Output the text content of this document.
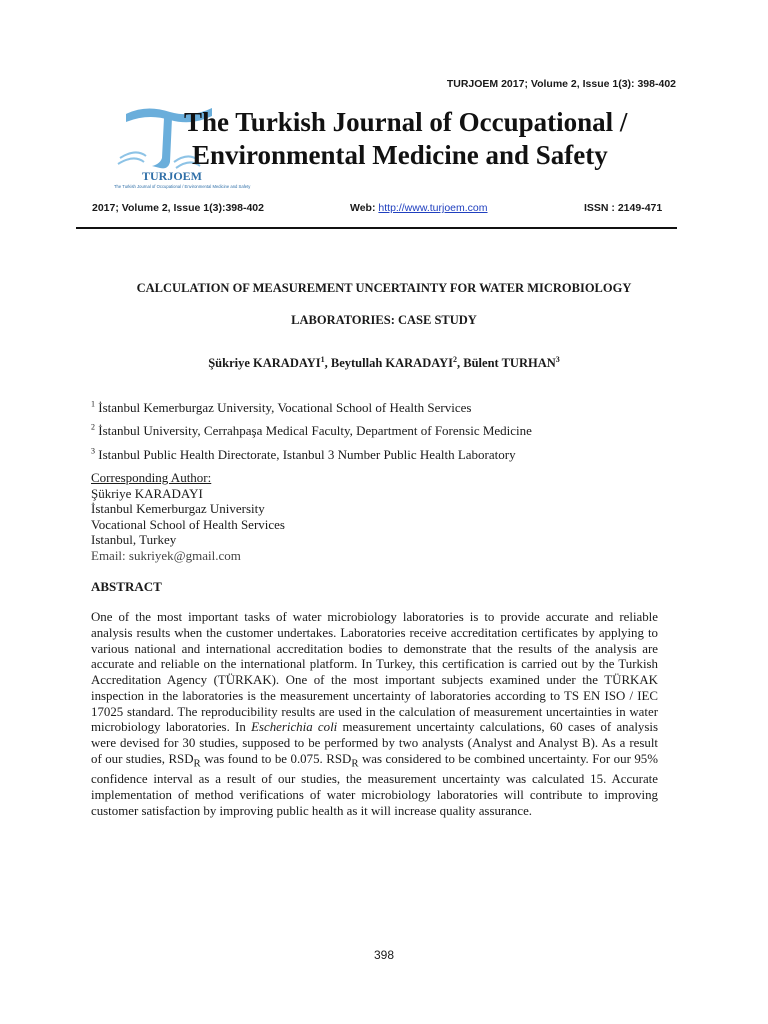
TURJOEM 2017; Volume 2, Issue 1(3): 398-402
TURJOEM
The Turkish Journal of Occupational / Environmental Medicine and Safety
The Turkish Journal of Occupational /
Environmental Medicine and Safety
2017; Volume 2, Issue 1(3):398-402	Web: http://www.turjoem.com	ISSN : 2149-471
CALCULATION OF MEASUREMENT UNCERTAINTY FOR WATER MICROBIOLOGY
LABORATORIES: CASE STUDY
Şükriye KARADAYI$^1$, Beytullah KARADAYI$^2$, Bülent TURHAN$^3$
$^1$ İstanbul Kemerburgaz University, Vocational School of Health Services
$^2$ İstanbul University, Cerrahpaşa Medical Faculty, Department of Forensic Medicine
$^3$ Istanbul Public Health Directorate, Istanbul 3 Number Public Health Laboratory
Corresponding Author:
Şükriye KARADAYI
İstanbul Kemerburgaz University
Vocational School of Health Services
Istanbul, Turkey
Email: sukriyek@gmail.com
ABSTRACT
One of the most important tasks of water microbiology laboratories is to provide accurate and reliable analysis results when the customer undertakes. Laboratories receive accreditation certificates by applying to various national and international accreditation bodies to demonstrate that the results of the analysis are accurate and reliable on the international platform. In Turkey, this certification is carried out by the Turkish Accreditation Agency (TÜRKAK). One of the most important subjects examined under the TÜRKAK inspection in the laboratories is the measurement uncertainty of laboratories according to TS EN ISO / IEC 17025 standard. The reproducibility results are used in the calculation of measurement uncertainties in water microbiology laboratories. In Escherichia coli measurement uncertainty calculations, 60 cases of analysis were devised for 30 studies, supposed to be performed by two analysts (Analyst and Analyst B). As a result of our studies, $RSD_R$ was found to be 0.075. $RSD_R$ was considered to be combined uncertainty. For our 95% confidence interval as a result of our studies, the measurement uncertainty was calculated 15. Accurate implementation of method verifications of water microbiology laboratories will contribute to improving customer satisfaction by improving public health as it will increase quality assurance.
398
